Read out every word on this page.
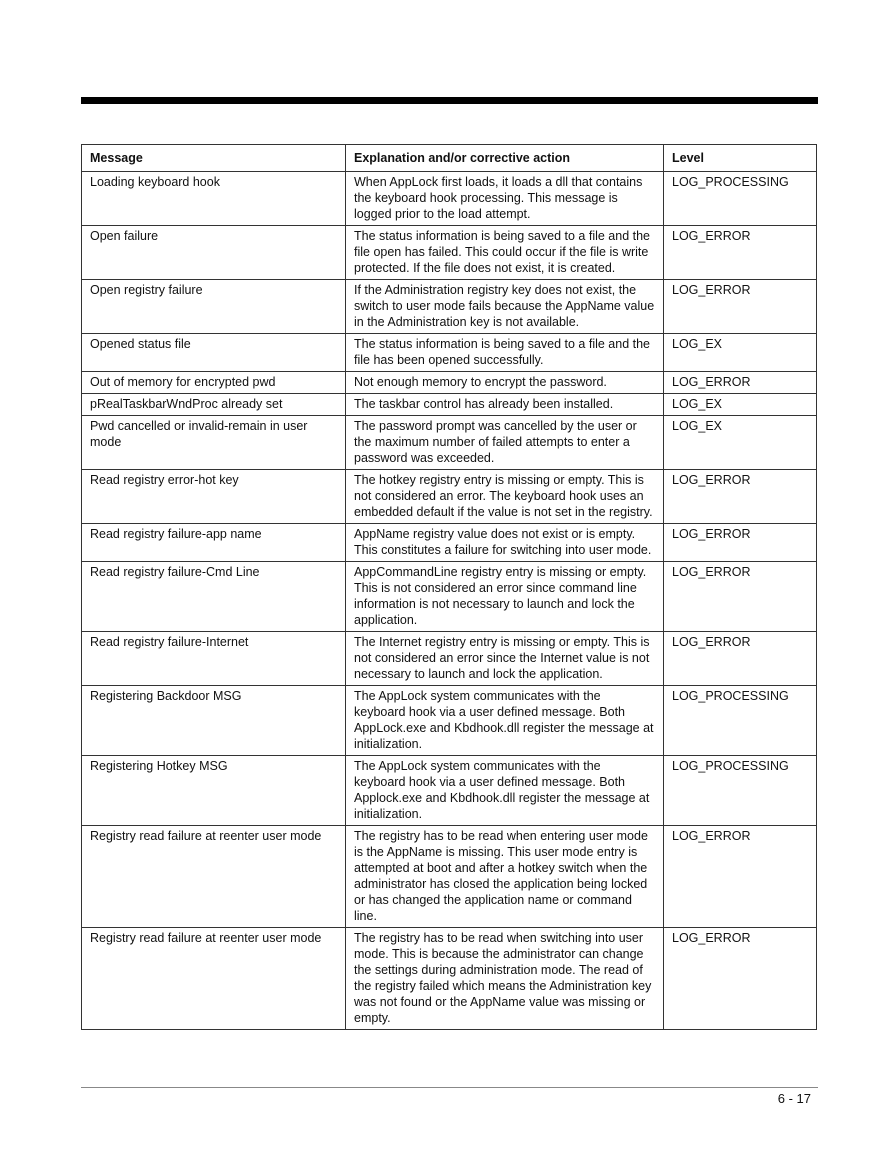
Message	Explanation and/or corrective action	Level
Loading keyboard hook	When AppLock first loads, it loads a dll that contains the keyboard hook processing. This message is logged prior to the load attempt.	LOG_PROCESSING
Open failure	The status information is being saved to a file and the file open has failed. This could occur if the file is write protected. If the file does not exist, it is created.	LOG_ERROR
Open registry failure	If the Administration registry key does not exist, the switch to user mode fails because the AppName value in the Administration key is not available.	LOG_ERROR
Opened status file	The status information is being saved to a file and the file has been opened successfully.	LOG_EX
Out of memory for encrypted pwd	Not enough memory to encrypt the password.	LOG_ERROR
pRealTaskbarWndProc already set	The taskbar control has already been installed.	LOG_EX
Pwd cancelled or invalid-remain in user mode	The password prompt was cancelled by the user or the maximum number of failed attempts to enter a password was exceeded.	LOG_EX
Read registry error-hot key	The hotkey registry entry is missing or empty. This is not considered an error. The keyboard hook uses an embedded default if the value is not set in the registry.	LOG_ERROR
Read registry failure-app name	AppName registry value does not exist or is empty. This constitutes a failure for switching into user mode.	LOG_ERROR
Read registry failure-Cmd Line	AppCommandLine registry entry is missing or empty. This is not considered an error since command line information is not necessary to launch and lock the application.	LOG_ERROR
Read registry failure-Internet	The Internet registry entry is missing or empty. This is not considered an error since the Internet value is not necessary to launch and lock the application.	LOG_ERROR
Registering Backdoor MSG	The AppLock system communicates with the keyboard hook via a user defined message. Both AppLock.exe and Kbdhook.dll register the message at initialization.	LOG_PROCESSING
Registering Hotkey MSG	The AppLock system communicates with the keyboard hook via a user defined message. Both Applock.exe and Kbdhook.dll register the message at initialization.	LOG_PROCESSING
Registry read failure at reenter user mode	The registry has to be read when entering user mode is the AppName is missing. This user mode entry is attempted at boot and after a hotkey switch when the administrator has closed the application being locked or has changed the application name or command line.	LOG_ERROR
Registry read failure at reenter user mode	The registry has to be read when switching into user mode. This is because the administrator can change the settings during administration mode. The read of the registry failed which means the Administration key was not found or the AppName value was missing or empty.	LOG_ERROR
6 - 17
